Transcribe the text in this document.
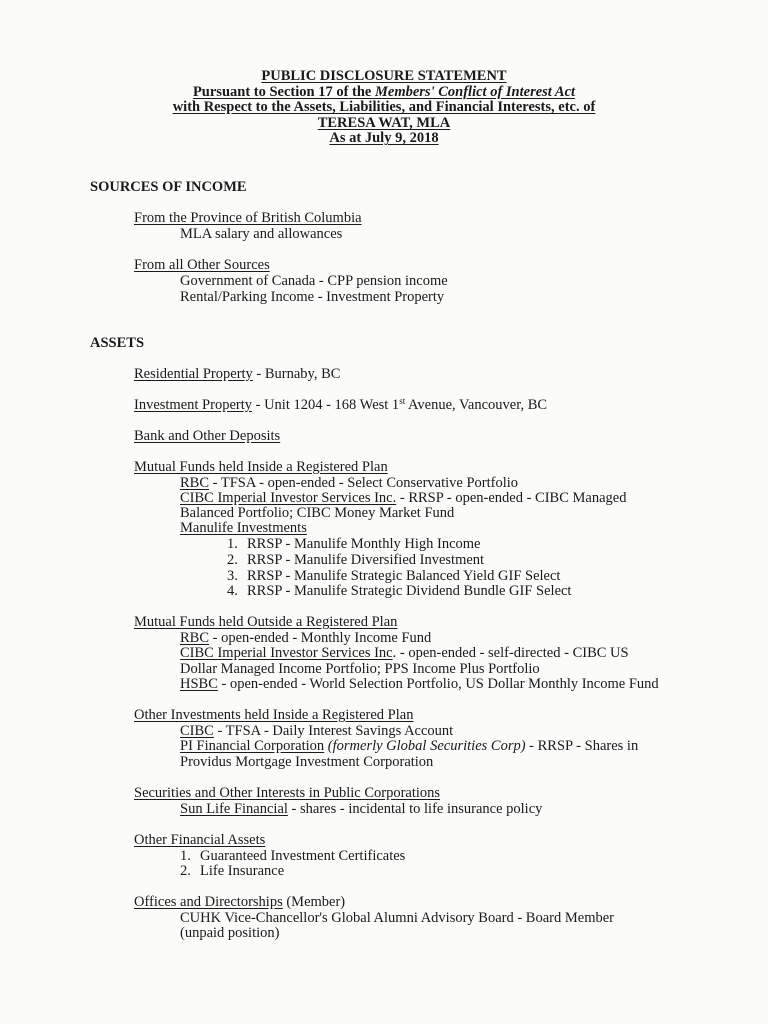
PUBLIC DISCLOSURE STATEMENT
Pursuant to Section 17 of the Members' Conflict of Interest Act
with Respect to the Assets, Liabilities, and Financial Interests, etc. of
TERESA WAT, MLA
As at July 9, 2018
SOURCES OF INCOME
From the Province of British Columbia
MLA salary and allowances
From all Other Sources
Government of Canada - CPP pension income
Rental/Parking Income - Investment Property
ASSETS
Residential Property - Burnaby, BC
Investment Property - Unit 1204 - 168 West 1st Avenue, Vancouver, BC
Bank and Other Deposits
Mutual Funds held Inside a Registered Plan
RBC - TFSA - open-ended - Select Conservative Portfolio
CIBC Imperial Investor Services Inc. - RRSP - open-ended - CIBC Managed
Balanced Portfolio; CIBC Money Market Fund
Manulife Investments
1. RRSP - Manulife Monthly High Income
2. RRSP - Manulife Diversified Investment
3. RRSP - Manulife Strategic Balanced Yield GIF Select
4. RRSP - Manulife Strategic Dividend Bundle GIF Select
Mutual Funds held Outside a Registered Plan
RBC - open-ended - Monthly Income Fund
CIBC Imperial Investor Services Inc. - open-ended - self-directed - CIBC US
Dollar Managed Income Portfolio; PPS Income Plus Portfolio
HSBC - open-ended - World Selection Portfolio, US Dollar Monthly Income Fund
Other Investments held Inside a Registered Plan
CIBC - TFSA - Daily Interest Savings Account
PI Financial Corporation (formerly Global Securities Corp) - RRSP - Shares in
Providus Mortgage Investment Corporation
Securities and Other Interests in Public Corporations
Sun Life Financial - shares - incidental to life insurance policy
Other Financial Assets
1. Guaranteed Investment Certificates
2. Life Insurance
Offices and Directorships (Member)
CUHK Vice-Chancellor's Global Alumni Advisory Board - Board Member
(unpaid position)
